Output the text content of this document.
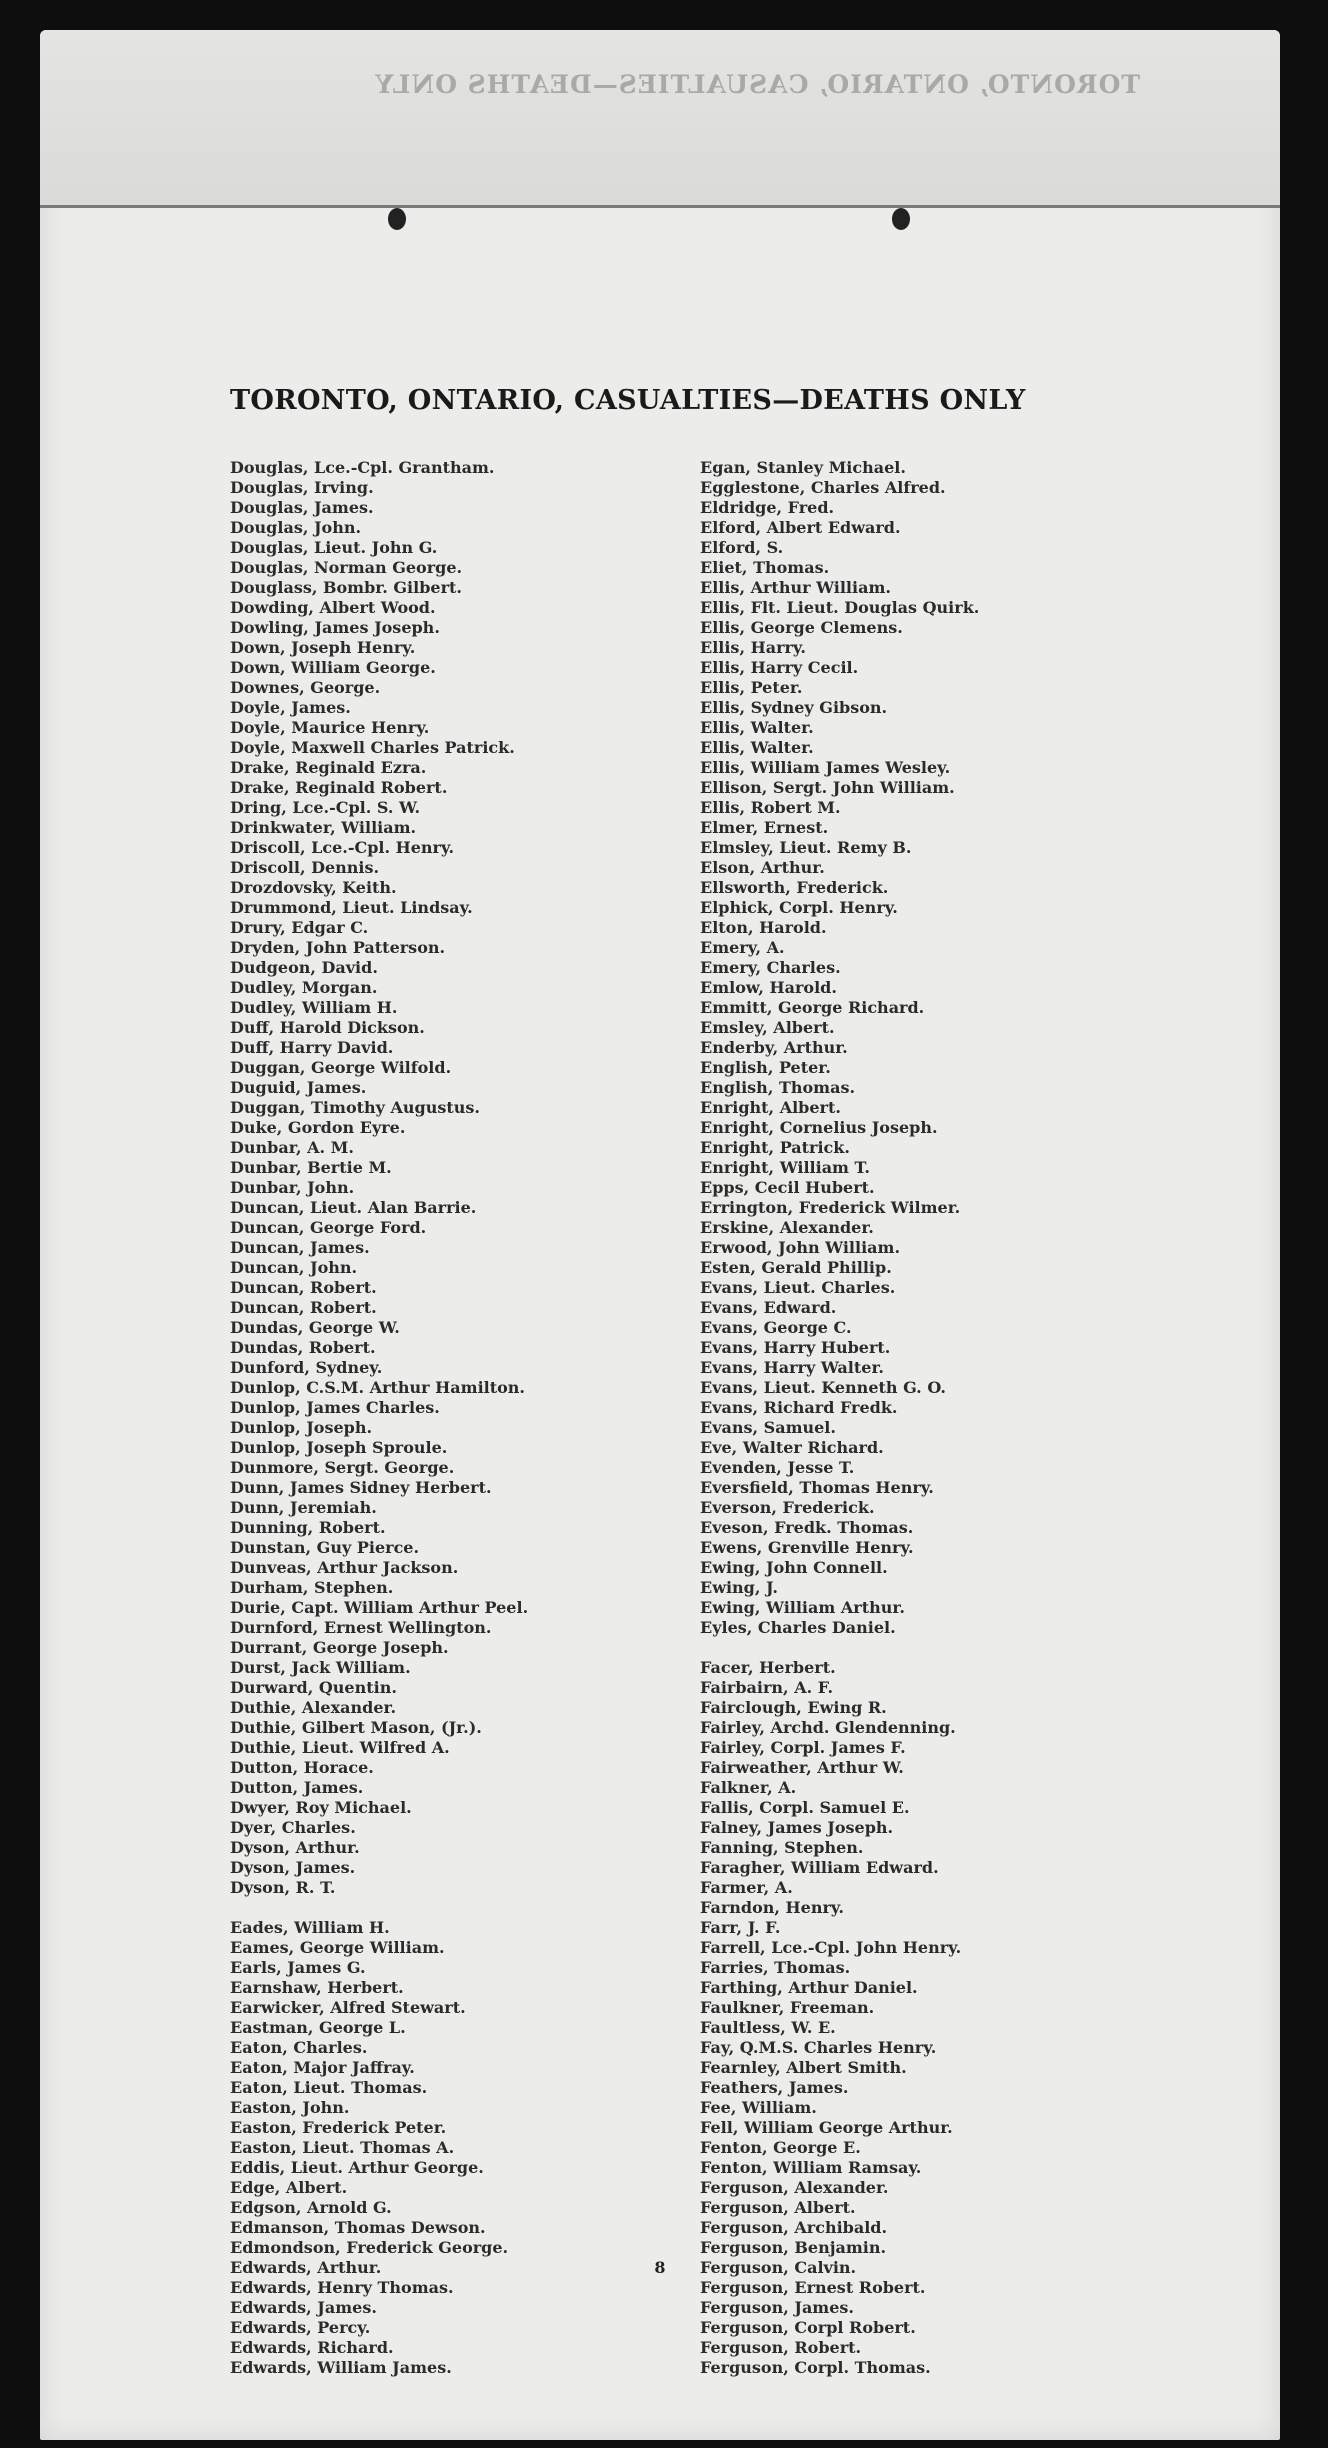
TORONTO, ONTARIO, CASUALTIES—DEATHS ONLY
TORONTO, ONTARIO, CASUALTIES—DEATHS ONLY
Douglas, Lce.-Cpl. Grantham.
Douglas, Irving.
Douglas, James.
Douglas, John.
Douglas, Lieut. John G.
Douglas, Norman George.
Douglass, Bombr. Gilbert.
Dowding, Albert Wood.
Dowling, James Joseph.
Down, Joseph Henry.
Down, William George.
Downes, George.
Doyle, James.
Doyle, Maurice Henry.
Doyle, Maxwell Charles Patrick.
Drake, Reginald Ezra.
Drake, Reginald Robert.
Dring, Lce.-Cpl. S. W.
Drinkwater, William.
Driscoll, Lce.-Cpl. Henry.
Driscoll, Dennis.
Drozdovsky, Keith.
Drummond, Lieut. Lindsay.
Drury, Edgar C.
Dryden, John Patterson.
Dudgeon, David.
Dudley, Morgan.
Dudley, William H.
Duff, Harold Dickson.
Duff, Harry David.
Duggan, George Wilfold.
Duguid, James.
Duggan, Timothy Augustus.
Duke, Gordon Eyre.
Dunbar, A. M.
Dunbar, Bertie M.
Dunbar, John.
Duncan, Lieut. Alan Barrie.
Duncan, George Ford.
Duncan, James.
Duncan, John.
Duncan, Robert.
Duncan, Robert.
Dundas, George W.
Dundas, Robert.
Dunford, Sydney.
Dunlop, C.S.M. Arthur Hamilton.
Dunlop, James Charles.
Dunlop, Joseph.
Dunlop, Joseph Sproule.
Dunmore, Sergt. George.
Dunn, James Sidney Herbert.
Dunn, Jeremiah.
Dunning, Robert.
Dunstan, Guy Pierce.
Dunveas, Arthur Jackson.
Durham, Stephen.
Durie, Capt. William Arthur Peel.
Durnford, Ernest Wellington.
Durrant, George Joseph.
Durst, Jack William.
Durward, Quentin.
Duthie, Alexander.
Duthie, Gilbert Mason, (Jr.).
Duthie, Lieut. Wilfred A.
Dutton, Horace.
Dutton, James.
Dwyer, Roy Michael.
Dyer, Charles.
Dyson, Arthur.
Dyson, James.
Dyson, R. T.
Eades, William H.
Eames, George William.
Earls, James G.
Earnshaw, Herbert.
Earwicker, Alfred Stewart.
Eastman, George L.
Eaton, Charles.
Eaton, Major Jaffray.
Eaton, Lieut. Thomas.
Easton, John.
Easton, Frederick Peter.
Easton, Lieut. Thomas A.
Eddis, Lieut. Arthur George.
Edge, Albert.
Edgson, Arnold G.
Edmanson, Thomas Dewson.
Edmondson, Frederick George.
Edwards, Arthur.
Edwards, Henry Thomas.
Edwards, James.
Edwards, Percy.
Edwards, Richard.
Edwards, William James.
Egan, Stanley Michael.
Egglestone, Charles Alfred.
Eldridge, Fred.
Elford, Albert Edward.
Elford, S.
Eliet, Thomas.
Ellis, Arthur William.
Ellis, Flt. Lieut. Douglas Quirk.
Ellis, George Clemens.
Ellis, Harry.
Ellis, Harry Cecil.
Ellis, Peter.
Ellis, Sydney Gibson.
Ellis, Walter.
Ellis, Walter.
Ellis, William James Wesley.
Ellison, Sergt. John William.
Ellis, Robert M.
Elmer, Ernest.
Elmsley, Lieut. Remy B.
Elson, Arthur.
Ellsworth, Frederick.
Elphick, Corpl. Henry.
Elton, Harold.
Emery, A.
Emery, Charles.
Emlow, Harold.
Emmitt, George Richard.
Emsley, Albert.
Enderby, Arthur.
English, Peter.
English, Thomas.
Enright, Albert.
Enright, Cornelius Joseph.
Enright, Patrick.
Enright, William T.
Epps, Cecil Hubert.
Errington, Frederick Wilmer.
Erskine, Alexander.
Erwood, John William.
Esten, Gerald Phillip.
Evans, Lieut. Charles.
Evans, Edward.
Evans, George C.
Evans, Harry Hubert.
Evans, Harry Walter.
Evans, Lieut. Kenneth G. O.
Evans, Richard Fredk.
Evans, Samuel.
Eve, Walter Richard.
Evenden, Jesse T.
Eversfield, Thomas Henry.
Everson, Frederick.
Eveson, Fredk. Thomas.
Ewens, Grenville Henry.
Ewing, John Connell.
Ewing, J.
Ewing, William Arthur.
Eyles, Charles Daniel.
Facer, Herbert.
Fairbairn, A. F.
Fairclough, Ewing R.
Fairley, Archd. Glendenning.
Fairley, Corpl. James F.
Fairweather, Arthur W.
Falkner, A.
Fallis, Corpl. Samuel E.
Falney, James Joseph.
Fanning, Stephen.
Faragher, William Edward.
Farmer, A.
Farndon, Henry.
Farr, J. F.
Farrell, Lce.-Cpl. John Henry.
Farries, Thomas.
Farthing, Arthur Daniel.
Faulkner, Freeman.
Faultless, W. E.
Fay, Q.M.S. Charles Henry.
Fearnley, Albert Smith.
Feathers, James.
Fee, William.
Fell, William George Arthur.
Fenton, George E.
Fenton, William Ramsay.
Ferguson, Alexander.
Ferguson, Albert.
Ferguson, Archibald.
Ferguson, Benjamin.
Ferguson, Calvin.
Ferguson, Ernest Robert.
Ferguson, James.
Ferguson, Corpl Robert.
Ferguson, Robert.
Ferguson, Corpl. Thomas.
8
